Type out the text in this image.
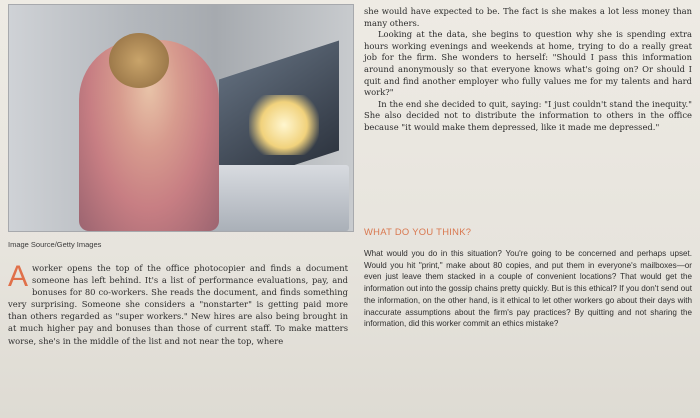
Image Source/Getty Images
A worker opens the top of the office photocopier and finds a document someone has left behind. It's a list of performance evaluations, pay, and bonuses for 80 co-workers. She reads the document, and finds something very surprising. Someone she considers a "nonstarter" is getting paid more than others regarded as "super workers." New hires are also being brought in at much higher pay and bonuses than those of current staff. To make matters worse, she's in the middle of the list and not near the top, where

she would have expected to be. The fact is she makes a lot less money than many others.

Looking at the data, she begins to question why she is spending extra hours working evenings and weekends at home, trying to do a really great job for the firm. She wonders to herself: "Should I pass this information around anonymously so that everyone knows what's going on? Or should I quit and find another employer who fully values me for my talents and hard work?"

In the end she decided to quit, saying: "I just couldn't stand the inequity." She also decided not to distribute the information to others in the office because "it would make them depressed, like it made me depressed."

WHAT DO YOU THINK?
What would you do in this situation? You're going to be concerned and perhaps upset. Would you hit "print," make about 80 copies, and put them in everyone's mailboxes—or even just leave them stacked in a couple of convenient locations? That would get the information out into the gossip chains pretty quickly. But is this ethical? If you don't send out the information, on the other hand, is it ethical to let other workers go about their days with inaccurate assumptions about the firm's pay practices? By quitting and not sharing the information, did this worker commit an ethics mistake?
